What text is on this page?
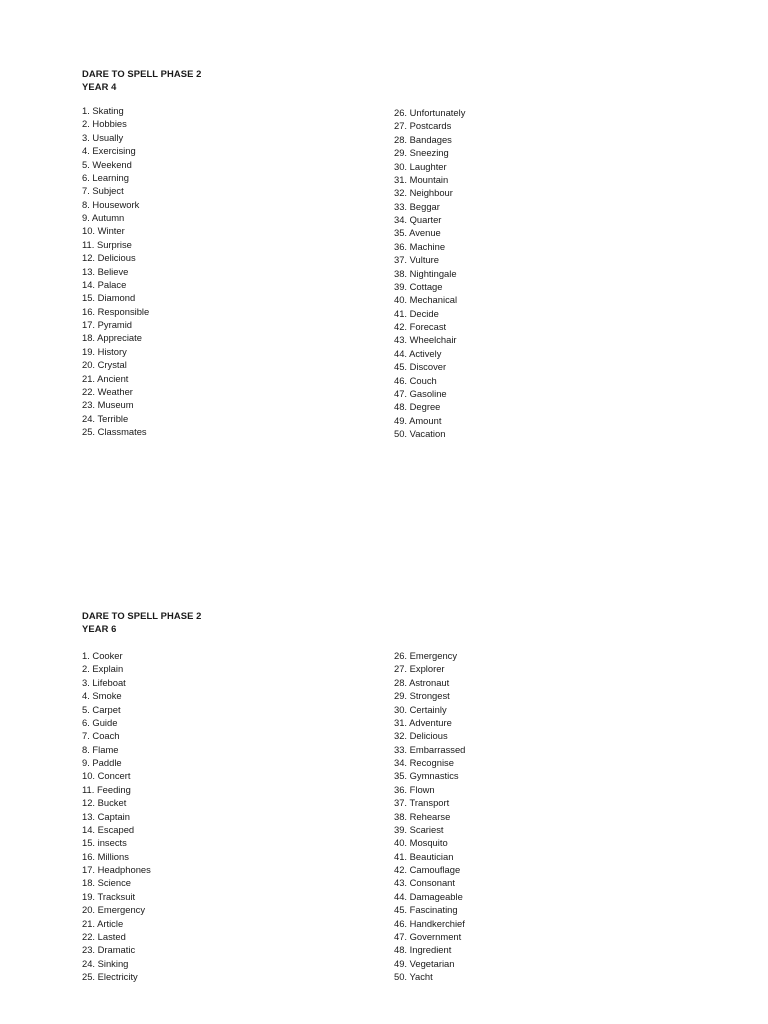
DARE TO SPELL PHASE 2
YEAR 4
1. Skating
2. Hobbies
3. Usually
4. Exercising
5. Weekend
6. Learning
7. Subject
8. Housework
9. Autumn
10. Winter
11. Surprise
12. Delicious
13. Believe
14. Palace
15. Diamond
16. Responsible
17. Pyramid
18. Appreciate
19. History
20. Crystal
21. Ancient
22. Weather
23. Museum
24. Terrible
25. Classmates
26. Unfortunately
27. Postcards
28. Bandages
29. Sneezing
30. Laughter
31. Mountain
32. Neighbour
33. Beggar
34. Quarter
35. Avenue
36. Machine
37. Vulture
38. Nightingale
39. Cottage
40. Mechanical
41. Decide
42. Forecast
43. Wheelchair
44. Actively
45. Discover
46. Couch
47. Gasoline
48. Degree
49. Amount
50. Vacation
DARE TO SPELL PHASE 2
YEAR 6
1. Cooker
2. Explain
3. Lifeboat
4. Smoke
5. Carpet
6. Guide
7. Coach
8. Flame
9. Paddle
10. Concert
11. Feeding
12. Bucket
13. Captain
14. Escaped
15. insects
16. Millions
17. Headphones
18. Science
19. Tracksuit
20. Emergency
21. Article
22. Lasted
23. Dramatic
24. Sinking
25. Electricity
26. Emergency
27. Explorer
28. Astronaut
29. Strongest
30. Certainly
31. Adventure
32. Delicious
33. Embarrassed
34. Recognise
35. Gymnastics
36. Flown
37. Transport
38. Rehearse
39. Scariest
40. Mosquito
41. Beautician
42. Camouflage
43. Consonant
44. Damageable
45. Fascinating
46. Handkerchief
47. Government
48. Ingredient
49. Vegetarian
50. Yacht
